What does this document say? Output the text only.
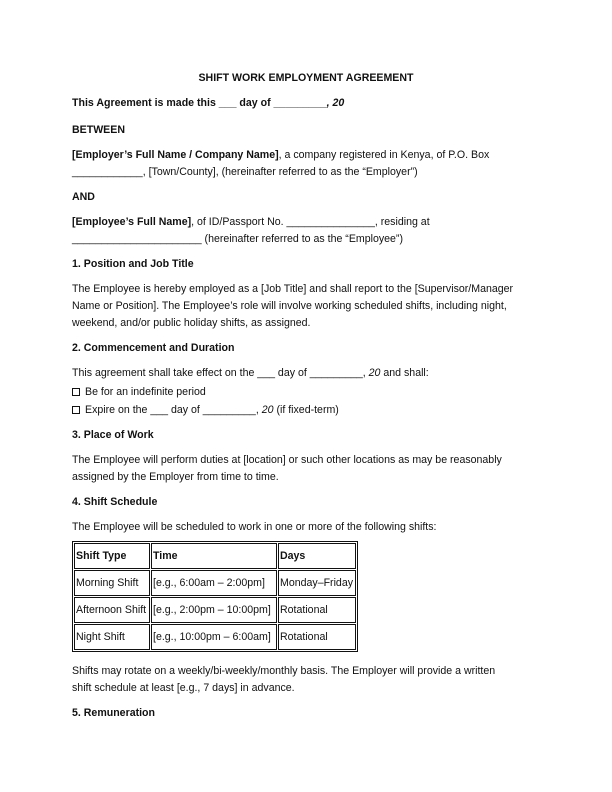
SHIFT WORK EMPLOYMENT AGREEMENT
This Agreement is made this ___ day of _________, 20
BETWEEN
[Employer’s Full Name / Company Name], a company registered in Kenya, of P.O. Box
____________, [Town/County], (hereinafter referred to as the “Employer”)
AND
[Employee’s Full Name], of ID/Passport No. _______________, residing at
______________________ (hereinafter referred to as the “Employee”)
1. Position and Job Title
The Employee is hereby employed as a [Job Title] and shall report to the [Supervisor/Manager
Name or Position]. The Employee’s role will involve working scheduled shifts, including night,
weekend, and/or public holiday shifts, as assigned.
2. Commencement and Duration
This agreement shall take effect on the ___ day of _________, 20 and shall:
Be for an indefinite period
Expire on the ___ day of _________, 20 (if fixed-term)
3. Place of Work
The Employee will perform duties at [location] or such other locations as may be reasonably
assigned by the Employer from time to time.
4. Shift Schedule
The Employee will be scheduled to work in one or more of the following shifts:
Shift Type	Time	Days
Morning Shift	[e.g., 6:00am – 2:00pm]	Monday–Friday
Afternoon Shift	[e.g., 2:00pm – 10:00pm]	Rotational
Night Shift	[e.g., 10:00pm – 6:00am]	Rotational
Shifts may rotate on a weekly/bi-weekly/monthly basis. The Employer will provide a written
shift schedule at least [e.g., 7 days] in advance.
5. Remuneration
